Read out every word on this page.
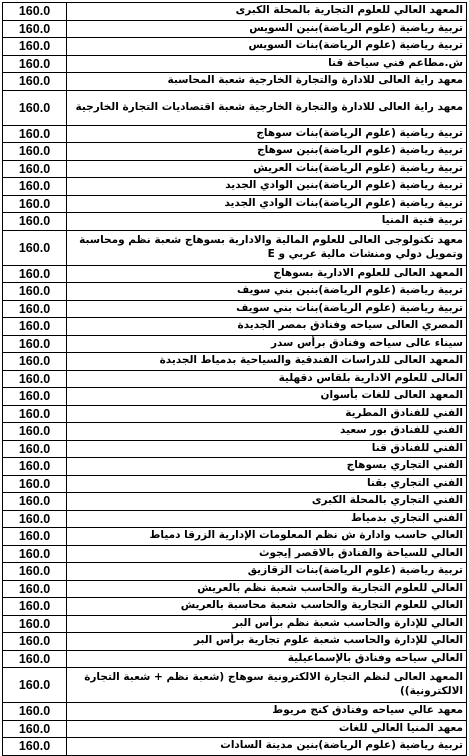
160.0	المعهد العالي للعلوم التجارية بالمحلة الكبرى
160.0	تربية رياضية (علوم الرياضة)بنين السويس
160.0	تربية رياضية (علوم الرياضة)بنات السويس
160.0	ش.مطاعم فني سياحة قنا
160.0	معهد راية العالى للادارة والتجارة الخارجية شعبة المحاسبة
160.0	معهد راية العالى للادارة والتجارة الخارجية شعبة اقتصاديات التجارة الخارجية
160.0	تربية رياضية (علوم الرياضة)بنات سوهاج
160.0	تربية رياضية (علوم الرياضة)بنين سوهاج
160.0	تربية رياضية (علوم الرياضة)بنات العريش
160.0	تربية رياضية (علوم الرياضة)بنين الوادي الجديد
160.0	تربية رياضية (علوم الرياضة)بنات الوادي الجديد
160.0	تربية فنية المنيا
160.0	معهد تكنولوجى العالى للعلوم المالية والادارية بسوهاج شعبة نظم ومحاسبة وتمويل دولي ومنشات مالية عربي و E
160.0	المعهد العالى للعلوم الادارية بسوهاج
160.0	تربية رياضية (علوم الرياضة)بنين بني سويف
160.0	تربية رياضية (علوم الرياضة)بنات بني سويف
160.0	المصري العالى سياحه وفنادق بمصر الجديدة
160.0	سيناء عالى سياحه وفنادق برأس سدر
160.0	المعهد العالى للدراسات الفندقية والسياحية بدمياط الجديدة
160.0	العالى للعلوم الادارية بلقاس دقهلية
160.0	المعهد العالى للغات بأسوان
160.0	الفني للفنادق المطرية
160.0	الفني للفنادق بور سعيد
160.0	الفني للفنادق قنا
160.0	الفني التجاري بسوهاج
160.0	الفني التجاري بقنا
160.0	الفني التجاري بالمحلة الكبرى
160.0	الفني التجاري بدمياط
160.0	العالي حاسب وادارة ش نظم المعلومات الإدارية الزرقا دمياط
160.0	العالي للسياحة والفنادق بالاقصر إيجوث
160.0	تربية رياضية (علوم الرياضة)بنات الزقازيق
160.0	العالي للعلوم التجارية والحاسب شعبة نظم بالعريش
160.0	العالي للعلوم التجارية والحاسب شعبة محاسبة بالعريش
160.0	العالي للإدارة والحاسب شعبة نظم برأس البر
160.0	العالي للإدارة والحاسب شعبة علوم تجارية برأس البر
160.0	العالي سياحه وفنادق بالإسماعيلية
160.0	المعهد العالى لنظم التجارة الالكترونية سوهاج (شعبة نظم + شعبة التجارة الالكترونية))
160.0	معهد عالي سياحه وفنادق كنج مريوط
160.0	معهد المنيا العالي للغات
160.0	تربية رياضية (علوم الرياضة)بنين مدينة السادات
